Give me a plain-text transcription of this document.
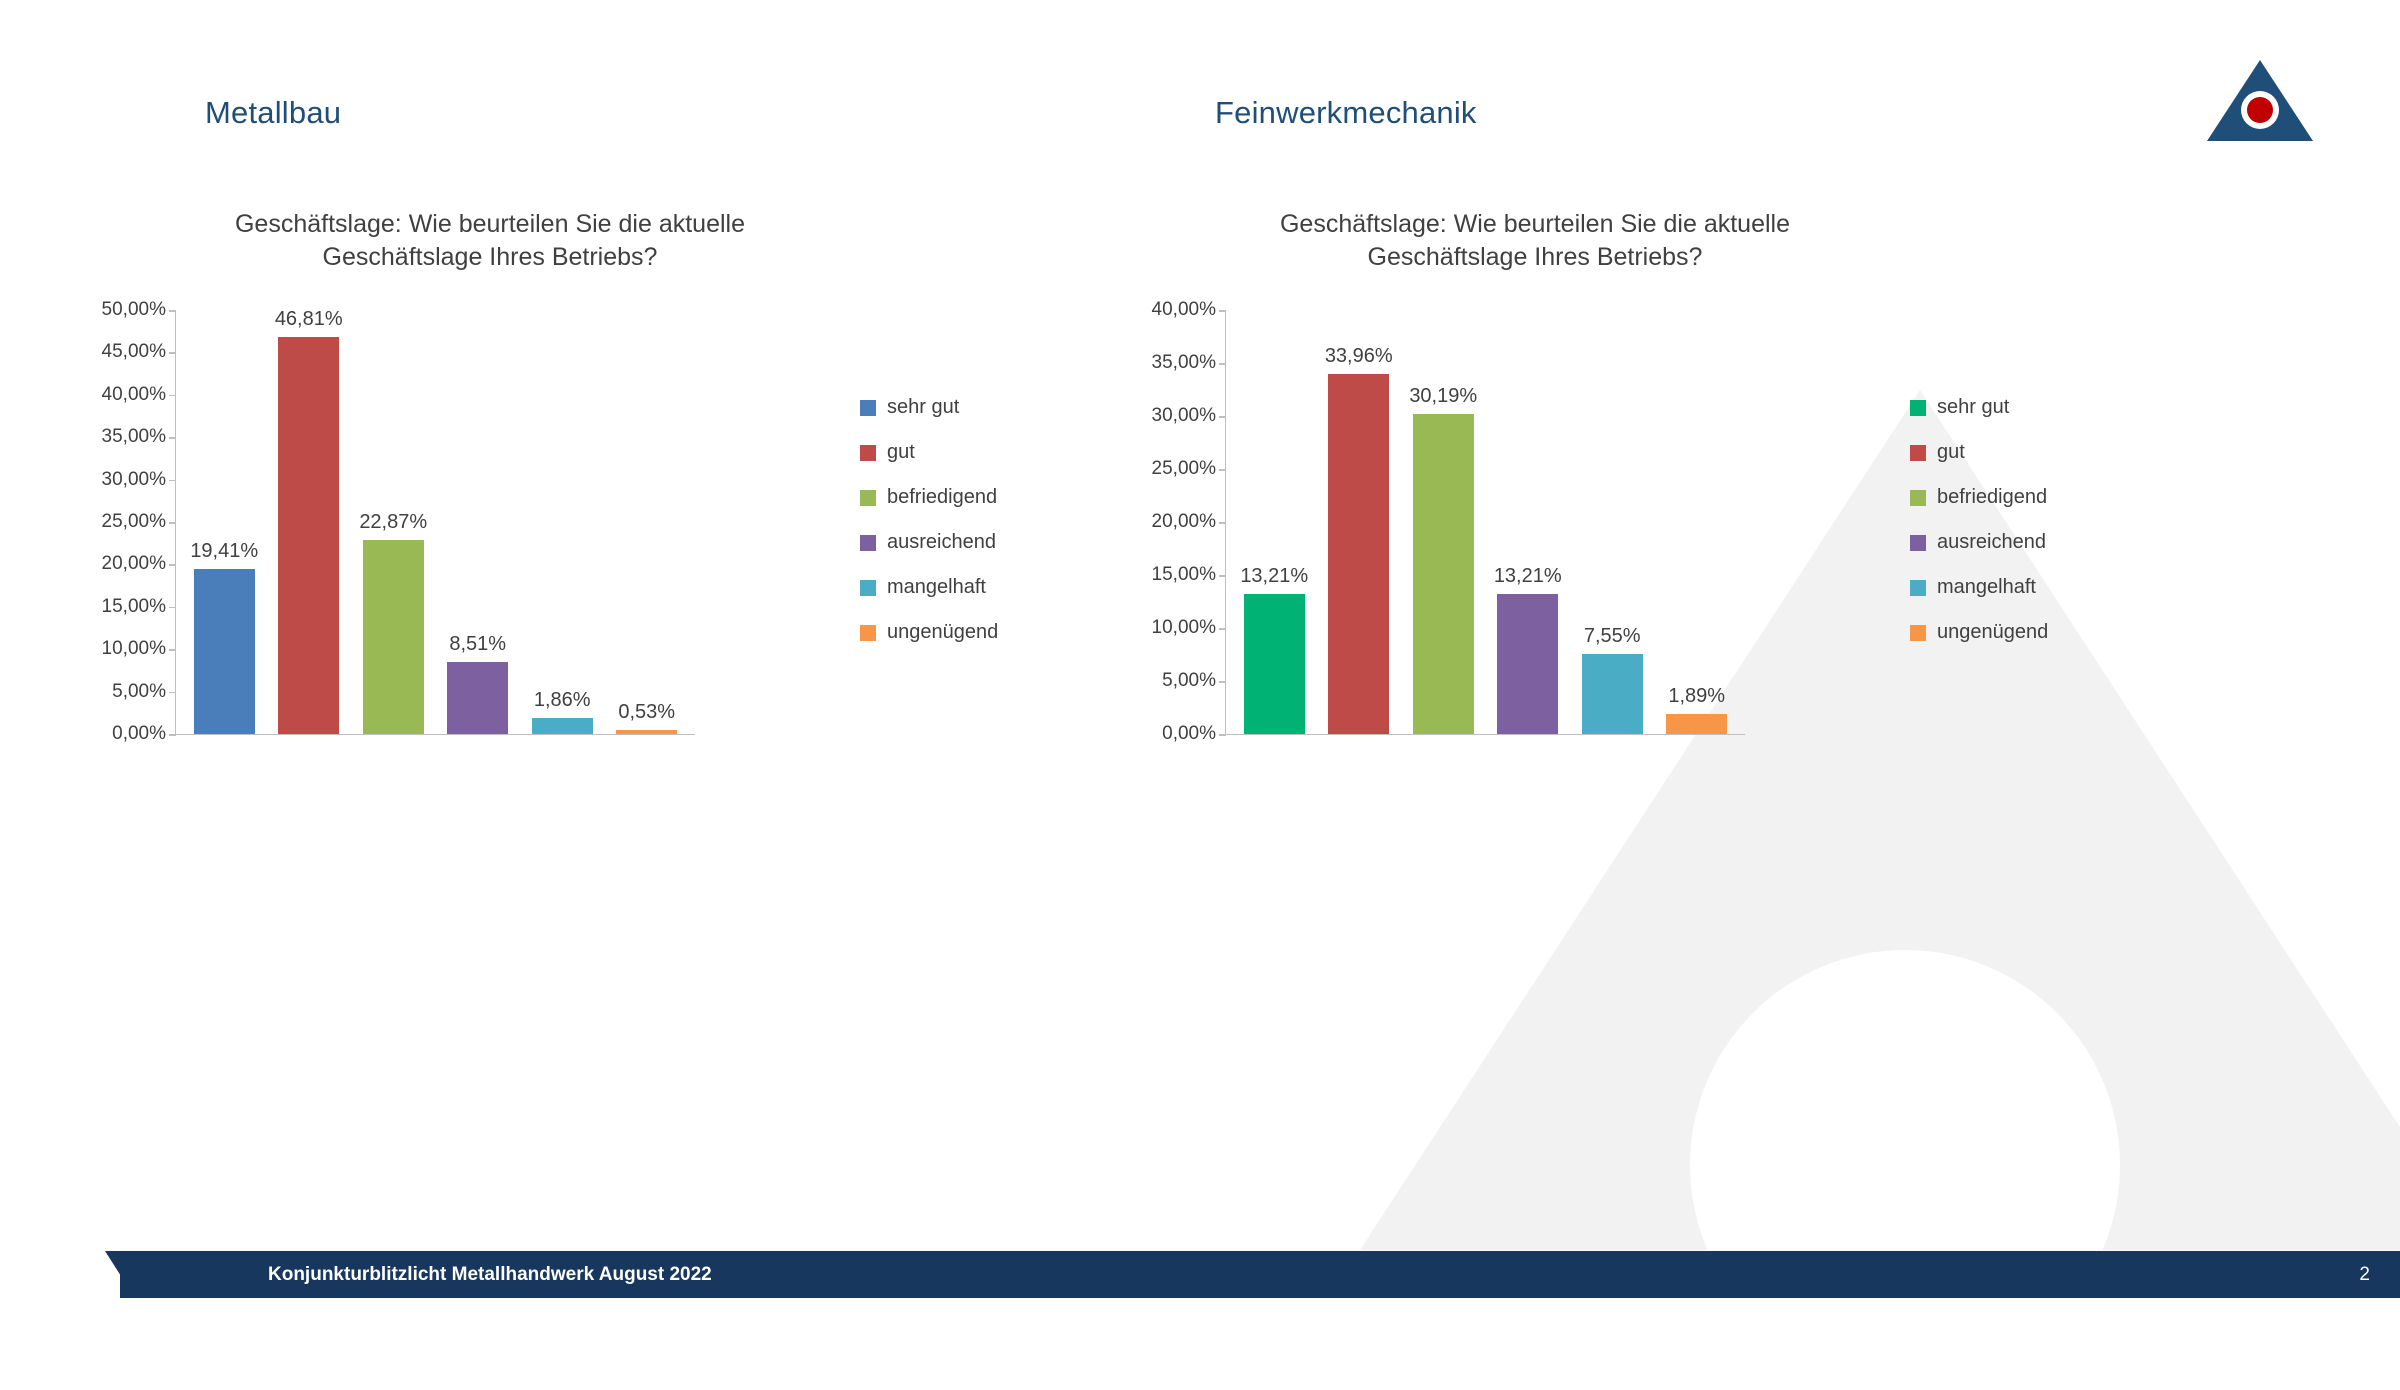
Metallbau	Feinwerkmechanik
Geschäftslage: Wie beurteilen Sie die aktuelle
Geschäftslage Ihres Betriebs?
Geschäftslage: Wie beurteilen Sie die aktuelle
Geschäftslage Ihres Betriebs?
0,00%
5,00%
10,00%
15,00%
20,00%
25,00%
30,00%
35,00%
40,00%
45,00%
50,00%
19,41%
46,81%
22,87%
8,51%
1,86%
0,53%
sehr gut
gut
befriedigend
ausreichend
mangelhaft
ungenügend
0,00%
5,00%
10,00%
15,00%
20,00%
25,00%
30,00%
35,00%
40,00%
13,21%
33,96%
30,19%
13,21%
7,55%
1,89%
sehr gut
gut
befriedigend
ausreichend
mangelhaft
ungenügend
Konjunkturblitzlicht Metallhandwerk August 2022	2
